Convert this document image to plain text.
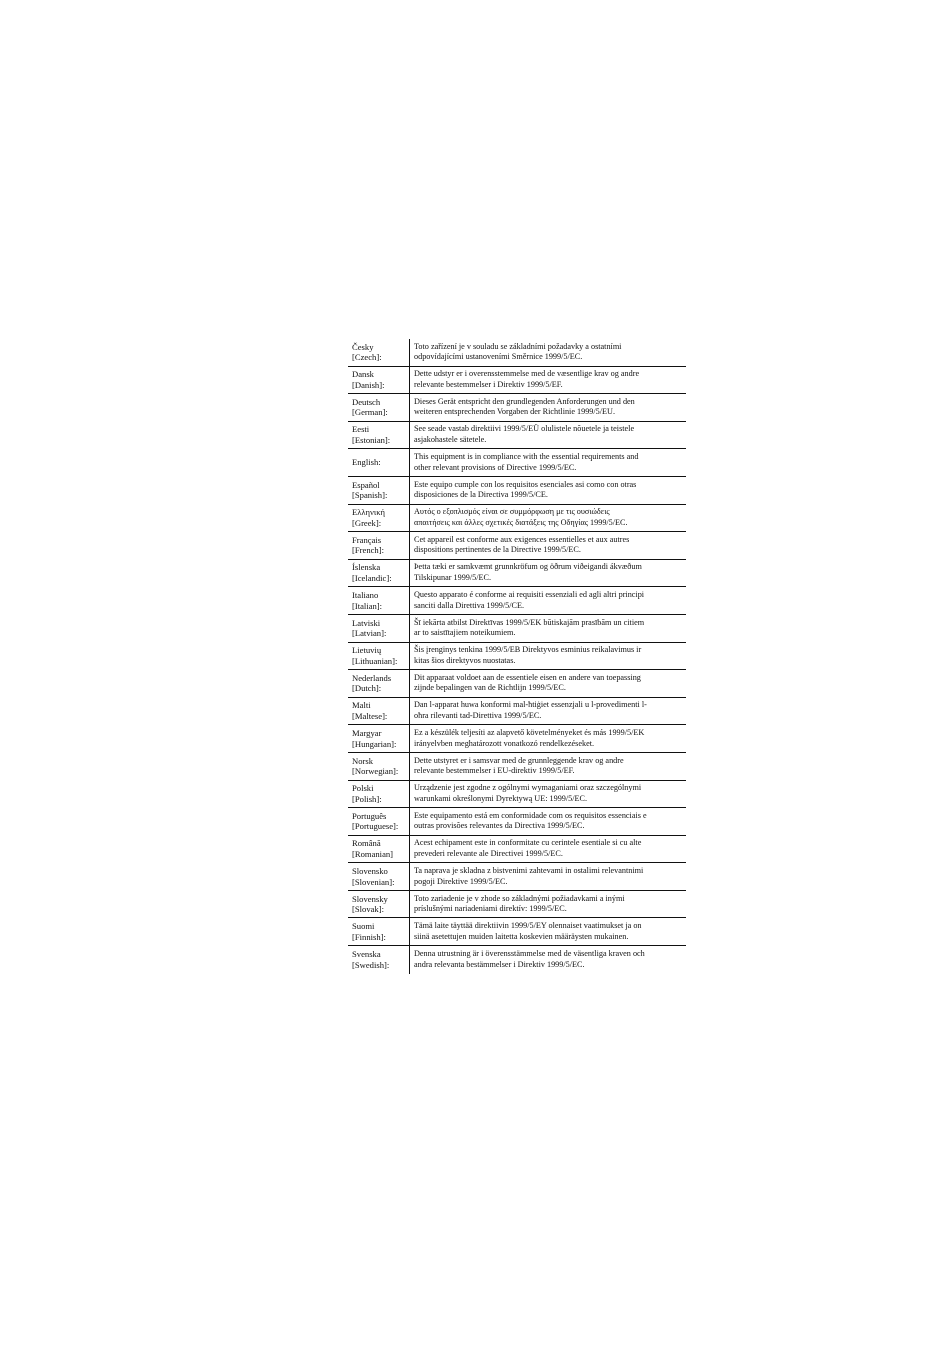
Česky
[Czech]:
Toto zařízení je v souladu se základními požadavky a ostatními
odpovídajícími ustanoveními Směrnice 1999/5/EC.
Dansk
[Danish]:
Dette udstyr er i overensstemmelse med de væsentlige krav og andre
relevante bestemmelser i Direktiv 1999/5/EF.
Deutsch
[German]:
Dieses Gerät entspricht den grundlegenden Anforderungen und den
weiteren entsprechenden Vorgaben der Richtlinie 1999/5/EU.
Eesti
[Estonian]:
See seade vastab direktiivi 1999/5/EÜ olulistele nõuetele ja teistele
asjakohastele sätetele.
English:
This equipment is in compliance with the essential requirements and
other relevant provisions of Directive 1999/5/EC.
Español
[Spanish]:
Este equipo cumple con los requisitos esenciales asi como con otras
disposiciones de la Directiva 1999/5/CE.
Ελληνική
[Greek]:
Αυτός ο εξοπλισμός είναι σε συμμόρφωση με τις ουσιώδεις
απαιτήσεις και άλλες σχετικές διατάξεις της Οδηγίας 1999/5/EC.
Français
[French]:
Cet appareil est conforme aux exigences essentielles et aux autres
dispositions pertinentes de la Directive 1999/5/EC.
Íslenska
[Icelandic]:
Þetta tæki er samkvæmt grunnkröfum og öðrum viðeigandi ákvæðum
Tilskipunar 1999/5/EC.
Italiano
[Italian]:
Questo apparato é conforme ai requisiti essenziali ed agli altri principi
sanciti dalla Direttiva 1999/5/CE.
Latviski
[Latvian]:
Šī iekārta atbilst Direktīvas 1999/5/EK būtiskajām prasībām un citiem
ar to saistītajiem noteikumiem.
Lietuvių
[Lithuanian]:
Šis įrenginys tenkina 1999/5/EB Direktyvos esminius reikalavimus ir
kitas šios direktyvos nuostatas.
Nederlands
[Dutch]:
Dit apparaat voldoet aan de essentiele eisen en andere van toepassing
zijnde bepalingen van de Richtlijn 1999/5/EC.
Malti
[Maltese]:
Dan l-apparat huwa konformi mal-ħtiġiet essenzjali u l-provedimenti l-
oħra rilevanti tad-Direttiva 1999/5/EC.
Margyar
[Hungarian]:
Ez a készülék teljesíti az alapvető követelményeket és más 1999/5/EK
irányelvben meghatározott vonatkozó rendelkezéseket.
Norsk
[Norwegian]:
Dette utstyret er i samsvar med de grunnleggende krav og andre
relevante bestemmelser i EU-direktiv 1999/5/EF.
Polski
[Polish]:
Urządzenie jest zgodne z ogólnymi wymaganiami oraz szczególnymi
warunkami określonymi Dyrektywą UE: 1999/5/EC.
Português
[Portuguese]:
Este equipamento está em conformidade com os requisitos essenciais e
outras provisões relevantes da Directiva 1999/5/EC.
Română
[Romanian]
Acest echipament este in conformitate cu cerintele esentiale si cu alte
prevederi relevante ale Directivei 1999/5/EC.
Slovensko
[Slovenian]:
Ta naprava je skladna z bistvenimi zahtevami in ostalimi relevantnimi
pogoji Direktive 1999/5/EC.
Slovensky
[Slovak]:
Toto zariadenie je v zhode so základnými požiadavkami a inými
príslušnými nariadeniami direktív: 1999/5/EC.
Suomi
[Finnish]:
Tämä laite täyttää direktiivin 1999/5/EY olennaiset vaatimukset ja on
siinä asetettujen muiden laitetta koskevien määräysten mukainen.
Svenska
[Swedish]:
Denna utrustning är i överensstämmelse med de väsentliga kraven och
andra relevanta bestämmelser i Direktiv 1999/5/EC.
